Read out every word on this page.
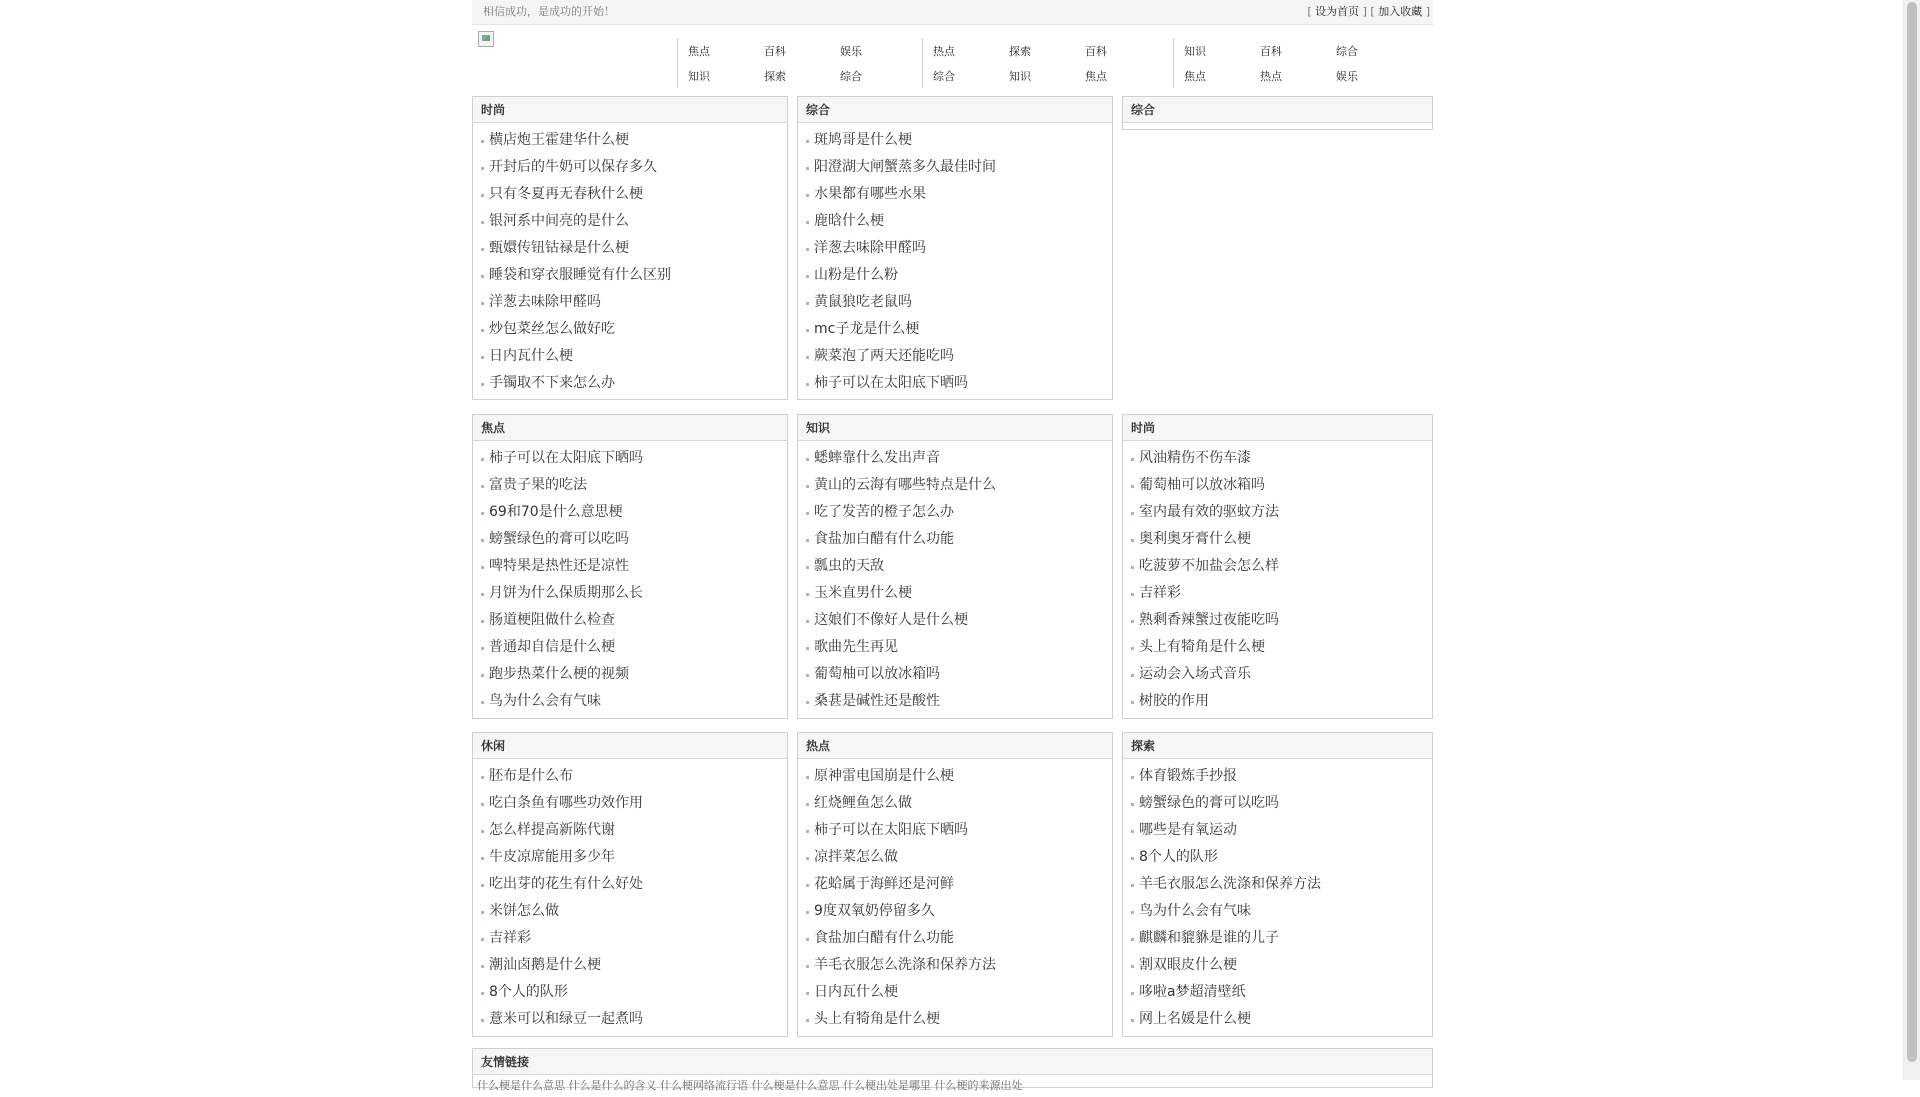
相信成功，是成功的开始！	[ 设为首页 ] [ 加入收藏 ]
焦点	百科	娱乐
知识	探索	综合
热点	探索	百科
综合	知识	焦点
知识	百科	综合
焦点	热点	娱乐
时尚
横店炮王霍建华什么梗
开封后的牛奶可以保存多久
只有冬夏再无春秋什么梗
银河系中间亮的是什么
甄嬛传钮钴禄是什么梗
睡袋和穿衣服睡觉有什么区别
洋葱去味除甲醛吗
炒包菜丝怎么做好吃
日内瓦什么梗
手镯取不下来怎么办
综合
斑鸠哥是什么梗
阳澄湖大闸蟹蒸多久最佳时间
水果都有哪些水果
鹿晗什么梗
洋葱去味除甲醛吗
山粉是什么粉
黄鼠狼吃老鼠吗
mc子龙是什么梗
蕨菜泡了两天还能吃吗
柿子可以在太阳底下晒吗
综合
焦点
柿子可以在太阳底下晒吗
富贵子果的吃法
69和70是什么意思梗
螃蟹绿色的膏可以吃吗
啤特果是热性还是凉性
月饼为什么保质期那么长
肠道梗阻做什么检查
普通却自信是什么梗
跑步热菜什么梗的视频
鸟为什么会有气味
知识
蟋蟀靠什么发出声音
黄山的云海有哪些特点是什么
吃了发苦的橙子怎么办
食盐加白醋有什么功能
瓢虫的天敌
玉米直男什么梗
这娘们不像好人是什么梗
歌曲先生再见
葡萄柚可以放冰箱吗
桑葚是碱性还是酸性
时尚
风油精伤不伤车漆
葡萄柚可以放冰箱吗
室内最有效的驱蚊方法
奥利奥牙膏什么梗
吃菠萝不加盐会怎么样
吉祥彩
熟剩香辣蟹过夜能吃吗
头上有犄角是什么梗
运动会入场式音乐
树胶的作用
休闲
胚布是什么布
吃白条鱼有哪些功效作用
怎么样提高新陈代谢
牛皮凉席能用多少年
吃出芽的花生有什么好处
米饼怎么做
吉祥彩
潮汕卤鹅是什么梗
8个人的队形
薏米可以和绿豆一起煮吗
热点
原神雷电国崩是什么梗
红烧鲤鱼怎么做
柿子可以在太阳底下晒吗
凉拌菜怎么做
花蛤属于海鲜还是河鲜
9度双氧奶停留多久
食盐加白醋有什么功能
羊毛衣服怎么洗涤和保养方法
日内瓦什么梗
头上有犄角是什么梗
探索
体育锻炼手抄报
螃蟹绿色的膏可以吃吗
哪些是有氧运动
8个人的队形
羊毛衣服怎么洗涤和保养方法
鸟为什么会有气味
麒麟和貔貅是谁的儿子
割双眼皮什么梗
哆啦a梦超清壁纸
网上名媛是什么梗
友情链接
什么梗是什么意思 什么是什么的含义 什么梗网络流行语 什么梗是什么意思 什么梗出处是哪里 什么梗的来源出处
